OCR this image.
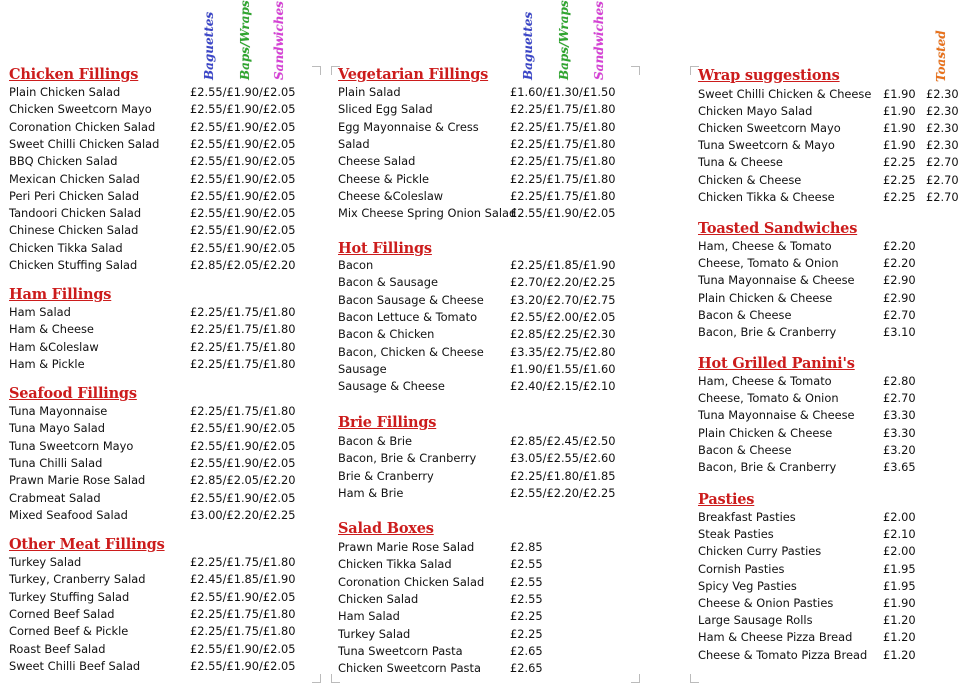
Baguettes Baps/Wraps Sandwiches	Baguettes Baps/Wraps Sandwiches	Toasted
Chicken Fillings
Plain Chicken Salad	£2.55/£1.90/£2.05
Chicken Sweetcorn Mayo	£2.55/£1.90/£2.05
Coronation Chicken Salad	£2.55/£1.90/£2.05
Sweet Chilli Chicken Salad	£2.55/£1.90/£2.05
BBQ Chicken Salad	£2.55/£1.90/£2.05
Mexican Chicken Salad	£2.55/£1.90/£2.05
Peri Peri Chicken Salad	£2.55/£1.90/£2.05
Tandoori Chicken Salad	£2.55/£1.90/£2.05
Chinese Chicken Salad	£2.55/£1.90/£2.05
Chicken Tikka Salad	£2.55/£1.90/£2.05
Chicken Stuffing Salad	£2.85/£2.05/£2.20
Ham Fillings
Ham Salad	£2.25/£1.75/£1.80
Ham & Cheese	£2.25/£1.75/£1.80
Ham &Coleslaw	£2.25/£1.75/£1.80
Ham & Pickle	£2.25/£1.75/£1.80
Seafood Fillings
Tuna Mayonnaise	£2.25/£1.75/£1.80
Tuna Mayo Salad	£2.55/£1.90/£2.05
Tuna Sweetcorn Mayo	£2.55/£1.90/£2.05
Tuna Chilli Salad	£2.55/£1.90/£2.05
Prawn Marie Rose Salad	£2.85/£2.05/£2.20
Crabmeat Salad	£2.55/£1.90/£2.05
Mixed Seafood Salad	£3.00/£2.20/£2.25
Other Meat Fillings
Turkey Salad	£2.25/£1.75/£1.80
Turkey, Cranberry Salad	£2.45/£1.85/£1.90
Turkey Stuffing Salad	£2.55/£1.90/£2.05
Corned Beef Salad	£2.25/£1.75/£1.80
Corned Beef & Pickle	£2.25/£1.75/£1.80
Roast Beef Salad	£2.55/£1.90/£2.05
Sweet Chilli Beef Salad	£2.55/£1.90/£2.05
Vegetarian Fillings
Plain Salad	£1.60/£1.30/£1.50
Sliced Egg Salad	£2.25/£1.75/£1.80
Egg Mayonnaise & Cress	£2.25/£1.75/£1.80
Salad	£2.25/£1.75/£1.80
Cheese Salad	£2.25/£1.75/£1.80
Cheese & Pickle	£2.25/£1.75/£1.80
Cheese &Coleslaw	£2.25/£1.75/£1.80
Mix Cheese Spring Onion Salad
£2.55/£1.90/£2.05
Hot Fillings
Bacon	£2.25/£1.85/£1.90
Bacon & Sausage	£2.70/£2.20/£2.25
Bacon Sausage & Cheese £3.20/£2.70/£2.75
Bacon Lettuce & Tomato	£2.55/£2.00/£2.05
Bacon & Chicken	£2.85/£2.25/£2.30
Bacon, Chicken & Cheese £3.35/£2.75/£2.80
Sausage	£1.90/£1.55/£1.60
Sausage & Cheese	£2.40/£2.15/£2.10
Brie Fillings
Bacon & Brie	£2.85/£2.45/£2.50
Bacon, Brie & Cranberry	£3.05/£2.55/£2.60
Brie & Cranberry	£2.25/£1.80/£1.85
Ham & Brie	£2.55/£2.20/£2.25
Salad Boxes
Prawn Marie Rose Salad	£2.85
Chicken Tikka Salad	£2.55
Coronation Chicken Salad £2.55
Chicken Salad	£2.55
Ham Salad	£2.25
Turkey Salad	£2.25
Tuna Sweetcorn Pasta	£2.65
Chicken Sweetcorn Pasta	£2.65
Wrap suggestions
Sweet Chilli Chicken & Cheese £1.90 £2.30
Chicken Mayo Salad	£1.90 £2.30
Chicken Sweetcorn Mayo	£1.90 £2.30
Tuna Sweetcorn & Mayo	£1.90 £2.30
Tuna & Cheese	£2.25 £2.70
Chicken & Cheese	£2.25 £2.70
Chicken Tikka & Cheese	£2.25 £2.70
Toasted Sandwiches
Ham, Cheese & Tomato	£2.20
Cheese, Tomato & Onion	£2.20
Tuna Mayonnaise & Cheese £2.90
Plain Chicken & Cheese	£2.90
Bacon & Cheese	£2.70
Bacon, Brie & Cranberry	£3.10
Hot Grilled Panini's
Ham, Cheese & Tomato	£2.80
Cheese, Tomato & Onion	£2.70
Tuna Mayonnaise & Cheese £3.30
Plain Chicken & Cheese	£3.30
Bacon & Cheese	£3.20
Bacon, Brie & Cranberry	£3.65
Pasties
Breakfast Pasties	£2.00
Steak Pasties	£2.10
Chicken Curry Pasties	£2.00
Cornish Pasties	£1.95
Spicy Veg Pasties	£1.95
Cheese & Onion Pasties	£1.90
Large Sausage Rolls	£1.20
Ham & Cheese Pizza Bread	£1.20
Cheese & Tomato Pizza Bread £1.20
